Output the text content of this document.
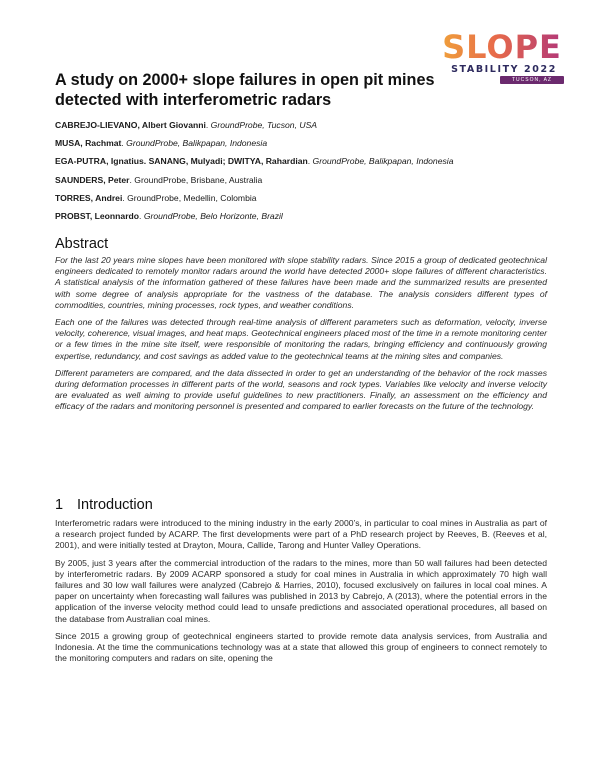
SLOPE
STABILITY 2022
TUCSON, AZ
A study on 2000+ slope failures in open pit mines detected with interferometric radars
CABREJO-LIEVANO, Albert Giovanni. GroundProbe, Tucson, USA
MUSA, Rachmat. GroundProbe, Balikpapan, Indonesia
EGA-PUTRA, Ignatius. SANANG, Mulyadi; DWITYA, Rahardian. GroundProbe, Balikpapan, Indonesia
SAUNDERS, Peter. GroundProbe, Brisbane, Australia
TORRES, Andrei. GroundProbe, Medellin, Colombia
PROBST, Leonnardo. GroundProbe, Belo Horizonte, Brazil
Abstract

For the last 20 years mine slopes have been monitored with slope stability radars. Since 2015 a group of dedicated geotechnical engineers dedicated to remotely monitor radars around the world have detected 2000+ slope failures of different characteristics. A statistical analysis of the information gathered of these failures have been made and the summarized results are presented with some degree of analysis appropriate for the vastness of the database. The analysis considers different types of commodities, countries, mining processes, rock types, and weather conditions.

Each one of the failures was detected through real-time analysis of different parameters such as deformation, velocity, inverse velocity, coherence, visual images, and heat maps. Geotechnical engineers placed most of the time in a remote monitoring center or a few times in the mine site itself, were responsible of monitoring the radars, bringing efficiency and continuously growing expertise, redundancy, and cost savings as added value to the geotechnical teams at the mining sites and companies.

Different parameters are compared, and the data dissected in order to get an understanding of the behavior of the rock masses during deformation processes in different parts of the world, seasons and rock types. Variables like velocity and inverse velocity are evaluated as well aiming to provide useful guidelines to new practitioners. Finally, an assessment on the efficiency and efficacy of the radars and monitoring personnel is presented and compared to earlier forecasts on the future of the technology.

1 Introduction

Interferometric radars were introduced to the mining industry in the early 2000’s, in particular to coal mines in Australia as part of a research project funded by ACARP. The first developments were part of a PhD research project by Reeves, B. (Reeves et al, 2001), and were initially tested at Drayton, Moura, Callide, Tarong and Hunter Valley Operations.

By 2005, just 3 years after the commercial introduction of the radars to the mines, more than 50 wall failures had been detected by interferometric radars. By 2009 ACARP sponsored a study for coal mines in Australia in which approximately 70 high wall failures and 30 low wall failures were analyzed (Cabrejo & Harries, 2010), focused exclusively on failures in local coal mines. A paper on uncertainty when forecasting wall failures was published in 2013 by Cabrejo, A (2013), where the potential errors in the application of the inverse velocity method could lead to unsafe predictions and associated operational procedures, all based on the database from Australian coal mines.

Since 2015 a growing group of geotechnical engineers started to provide remote data analysis services, from Australia and Indonesia. At the time the communications technology was at a state that allowed this group of engineers to connect remotely to the monitoring computers and radars on site, opening the
